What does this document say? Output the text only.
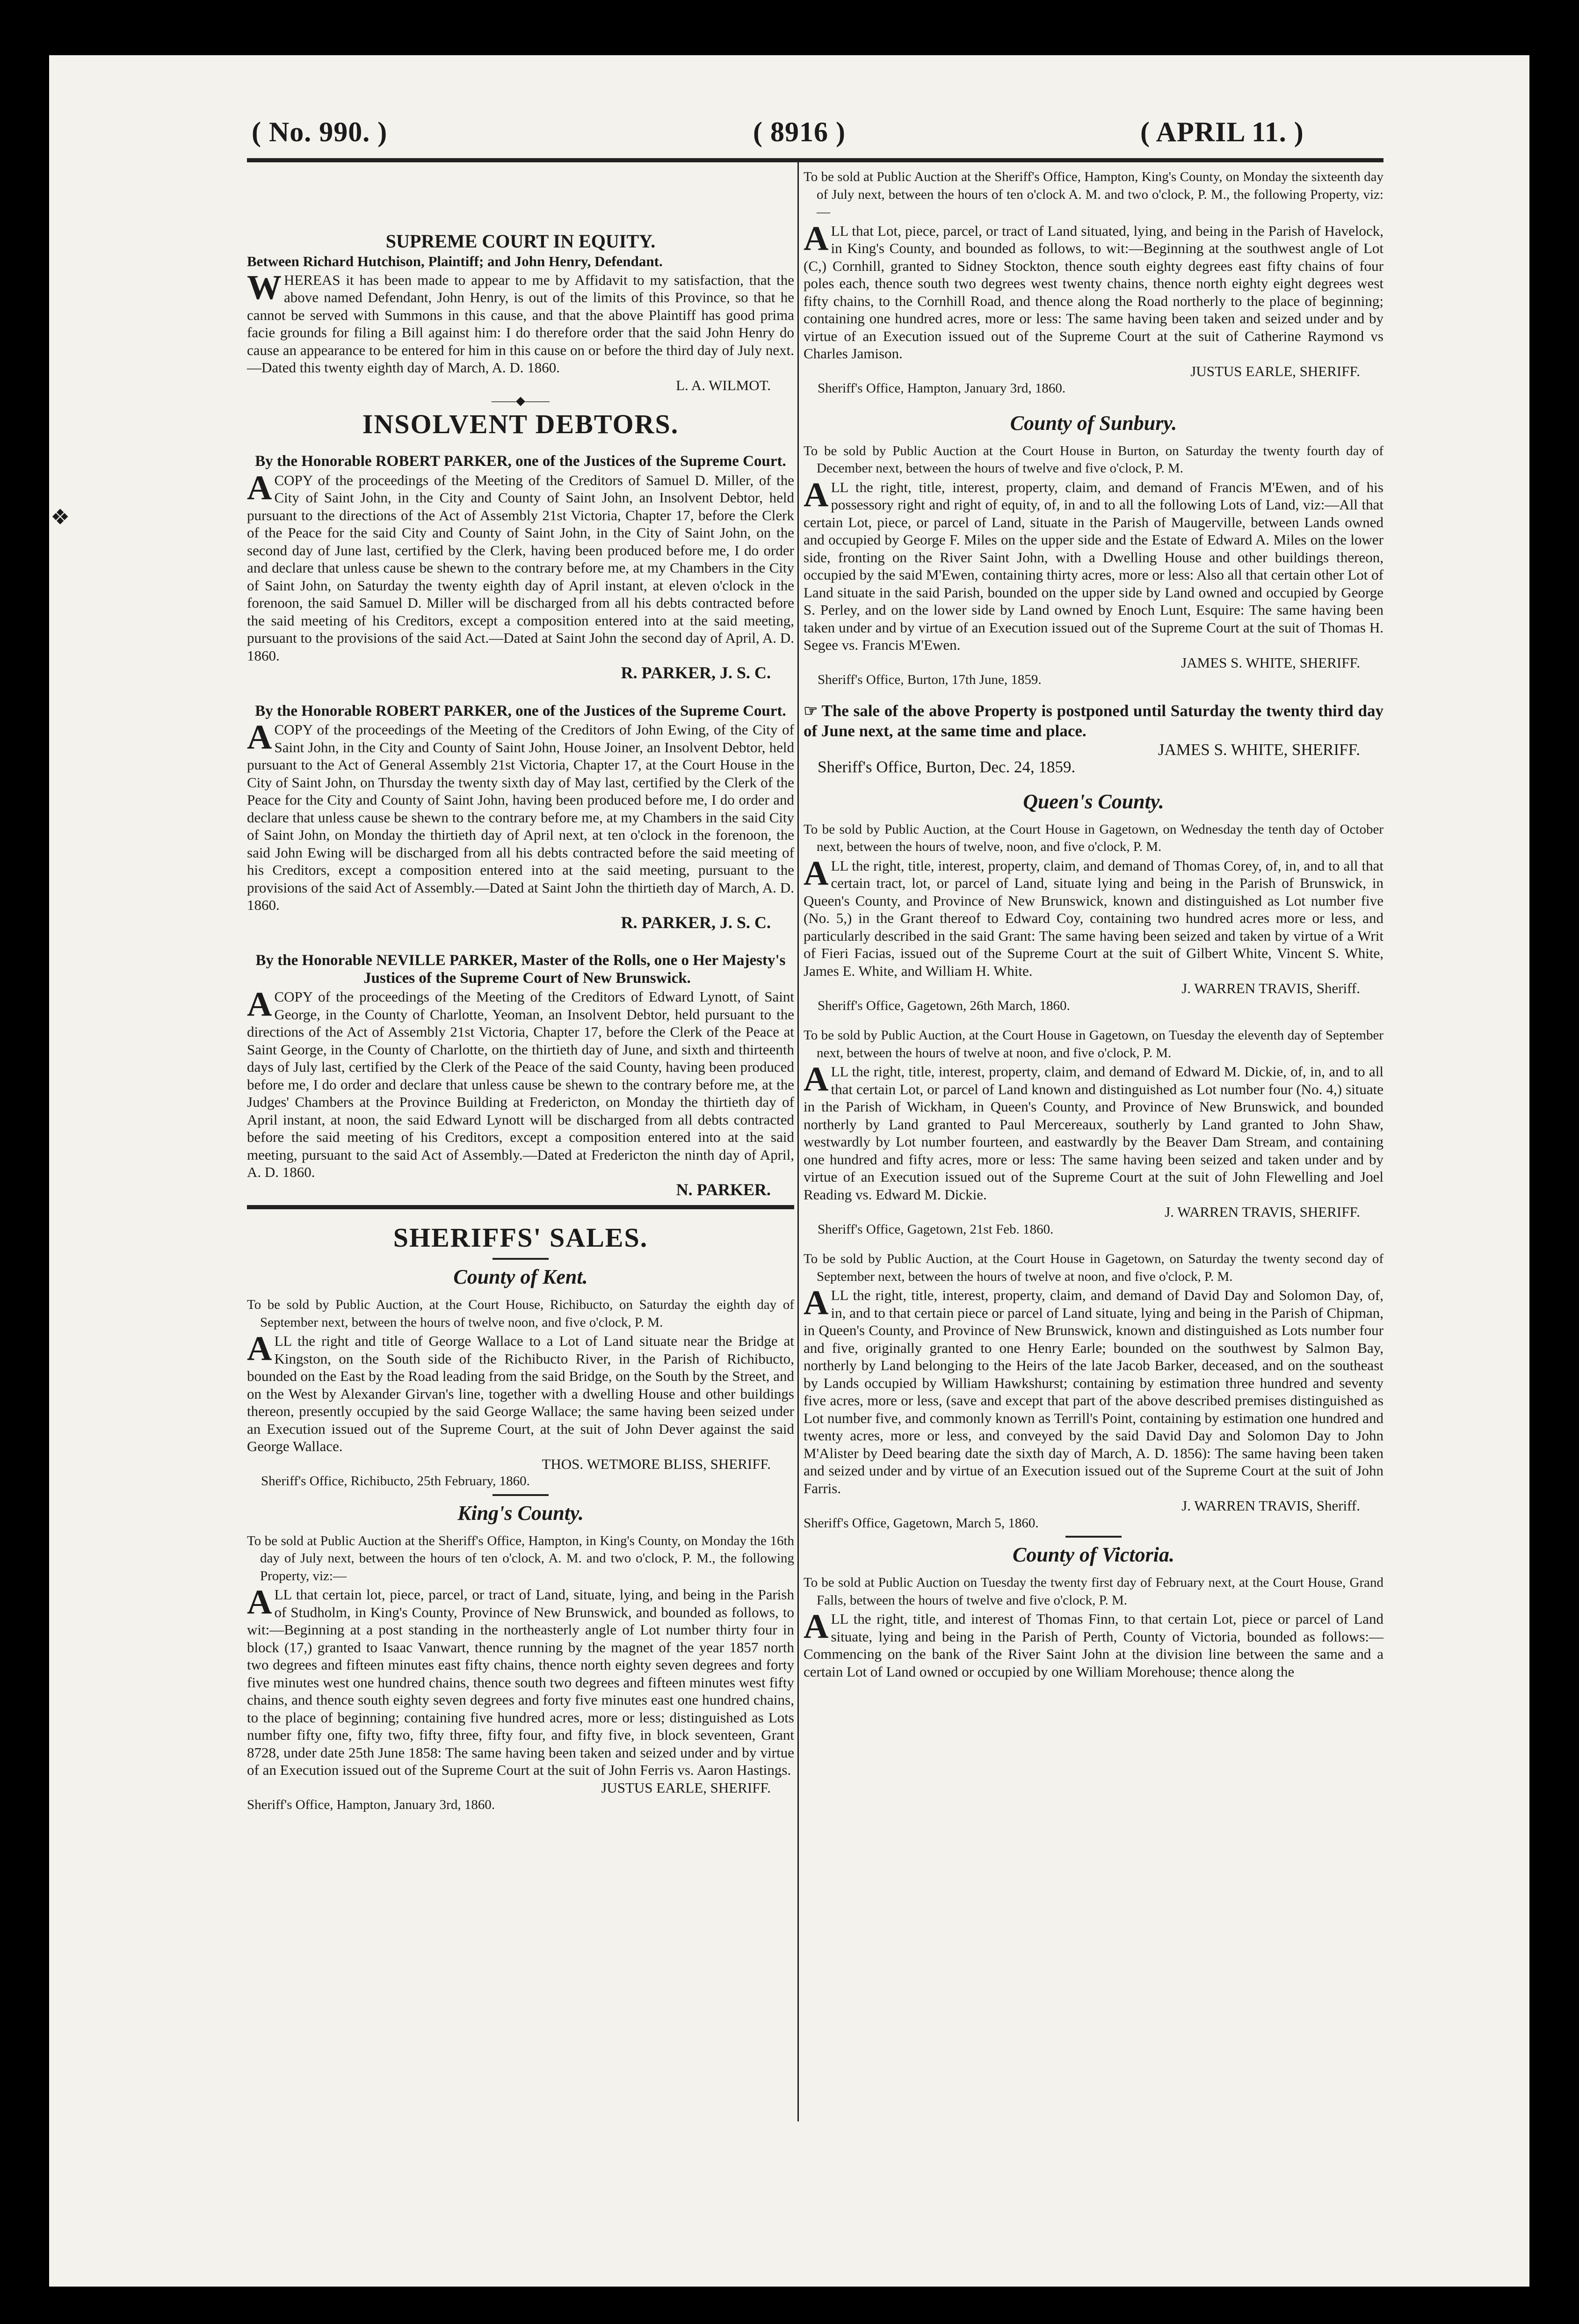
( No. 990. )	( 8916 )	( APRIL 11. )
❖
SUPREME COURT IN EQUITY.

Between Richard Hutchison, Plaintiff; and John Henry, Defendant.

WHEREAS it has been made to appear to me by Affidavit to my satisfaction, that the above named Defendant, John Henry, is out of the limits of this Province, so that he cannot be served with Summons in this cause, and that the above Plaintiff has good prima facie grounds for filing a Bill against him: I do therefore order that the said John Henry do cause an appearance to be entered for him in this cause on or before the third day of July next.—Dated this twenty eighth day of March, A. D. 1860.

L. A. WILMOT.
——◆——
INSOLVENT DEBTORS.

By the Honorable ROBERT PARKER, one of the Justices of the Supreme Court.

ACOPY of the proceedings of the Meeting of the Creditors of Samuel D. Miller, of the City of Saint John, in the City and County of Saint John, an Insolvent Debtor, held pursuant to the directions of the Act of Assembly 21st Victoria, Chapter 17, before the Clerk of the Peace for the said City and County of Saint John, in the City of Saint John, on the second day of June last, certified by the Clerk, having been produced before me, I do order and declare that unless cause be shewn to the contrary before me, at my Chambers in the City of Saint John, on Saturday the twenty eighth day of April instant, at eleven o'clock in the forenoon, the said Samuel D. Miller will be discharged from all his debts contracted before the said meeting of his Creditors, except a composition entered into at the said meeting, pursuant to the provisions of the said Act.—Dated at Saint John the second day of April, A. D. 1860.

R. PARKER, J. S. C.

By the Honorable ROBERT PARKER, one of the Justices of the Supreme Court.

ACOPY of the proceedings of the Meeting of the Creditors of John Ewing, of the City of Saint John, in the City and County of Saint John, House Joiner, an Insolvent Debtor, held pursuant to the Act of General Assembly 21st Victoria, Chapter 17, at the Court House in the City of Saint John, on Thursday the twenty sixth day of May last, certified by the Clerk of the Peace for the City and County of Saint John, having been produced before me, I do order and declare that unless cause be shewn to the contrary before me, at my Chambers in the said City of Saint John, on Monday the thirtieth day of April next, at ten o'clock in the forenoon, the said John Ewing will be discharged from all his debts contracted before the said meeting of his Creditors, except a composition entered into at the said meeting, pursuant to the provisions of the said Act of Assembly.—Dated at Saint John the thirtieth day of March, A. D. 1860.

R. PARKER, J. S. C.

By the Honorable NEVILLE PARKER, Master of the Rolls, one o Her Majesty's Justices of the Supreme Court of New Brunswick.

ACOPY of the proceedings of the Meeting of the Creditors of Edward Lynott, of Saint George, in the County of Charlotte, Yeoman, an Insolvent Debtor, held pursuant to the directions of the Act of Assembly 21st Victoria, Chapter 17, before the Clerk of the Peace at Saint George, in the County of Charlotte, on the thirtieth day of June, and sixth and thirteenth days of July last, certified by the Clerk of the Peace of the said County, having been produced before me, I do order and declare that unless cause be shewn to the contrary before me, at the Judges' Chambers at the Province Building at Fredericton, on Monday the thirtieth day of April instant, at noon, the said Edward Lynott will be discharged from all debts contracted before the said meeting of his Creditors, except a composition entered into at the said meeting, pursuant to the said Act of Assembly.—Dated at Fredericton the ninth day of April, A. D. 1860.

N. PARKER.
SHERIFFS' SALES.
County of Kent.

To be sold by Public Auction, at the Court House, Richibucto, on Saturday the eighth day of September next, between the hours of twelve noon, and five o'clock, P. M.

ALL the right and title of George Wallace to a Lot of Land situate near the Bridge at Kingston, on the South side of the Richibucto River, in the Parish of Richibucto, bounded on the East by the Road leading from the said Bridge, on the South by the Street, and on the West by Alexander Girvan's line, together with a dwelling House and other buildings thereon, presently occupied by the said George Wallace; the same having been seized under an Execution issued out of the Supreme Court, at the suit of John Dever against the said George Wallace.

THOS. WETMORE BLISS, SHERIFF.

Sheriff's Office, Richibucto, 25th February, 1860.

King's County.

To be sold at Public Auction at the Sheriff's Office, Hampton, in King's County, on Monday the 16th day of July next, between the hours of ten o'clock, A. M. and two o'clock, P. M., the following Property, viz:—

ALL that certain lot, piece, parcel, or tract of Land, situate, lying, and being in the Parish of Studholm, in King's County, Province of New Brunswick, and bounded as follows, to wit:—Beginning at a post standing in the northeasterly angle of Lot number thirty four in block (17,) granted to Isaac Vanwart, thence running by the magnet of the year 1857 north two degrees and fifteen minutes east fifty chains, thence north eighty seven degrees and forty five minutes west one hundred chains, thence south two degrees and fifteen minutes west fifty chains, and thence south eighty seven degrees and forty five minutes east one hundred chains, to the place of beginning; containing five hundred acres, more or less; distinguished as Lots number fifty one, fifty two, fifty three, fifty four, and fifty five, in block seventeen, Grant 8728, under date 25th June 1858: The same having been taken and seized under and by virtue of an Execution issued out of the Supreme Court at the suit of John Ferris vs. Aaron Hastings.

JUSTUS EARLE, SHERIFF.

Sheriff's Office, Hampton, January 3rd, 1860.

To be sold at Public Auction at the Sheriff's Office, Hampton, King's County, on Monday the sixteenth day of July next, between the hours of ten o'clock A. M. and two o'clock, P. M., the following Property, viz:—

ALL that Lot, piece, parcel, or tract of Land situated, lying, and being in the Parish of Havelock, in King's County, and bounded as follows, to wit:—Beginning at the southwest angle of Lot (C,) Cornhill, granted to Sidney Stockton, thence south eighty degrees east fifty chains of four poles each, thence south two degrees west twenty chains, thence north eighty eight degrees west fifty chains, to the Cornhill Road, and thence along the Road northerly to the place of beginning; containing one hundred acres, more or less: The same having been taken and seized under and by virtue of an Execution issued out of the Supreme Court at the suit of Catherine Raymond vs Charles Jamison.

JUSTUS EARLE, SHERIFF.

Sheriff's Office, Hampton, January 3rd, 1860.

County of Sunbury.

To be sold by Public Auction at the Court House in Burton, on Saturday the twenty fourth day of December next, between the hours of twelve and five o'clock, P. M.

ALL the right, title, interest, property, claim, and demand of Francis M'Ewen, and of his possessory right and right of equity, of, in and to all the following Lots of Land, viz:—All that certain Lot, piece, or parcel of Land, situate in the Parish of Maugerville, between Lands owned and occupied by George F. Miles on the upper side and the Estate of Edward A. Miles on the lower side, fronting on the River Saint John, with a Dwelling House and other buildings thereon, occupied by the said M'Ewen, containing thirty acres, more or less: Also all that certain other Lot of Land situate in the said Parish, bounded on the upper side by Land owned and occupied by George S. Perley, and on the lower side by Land owned by Enoch Lunt, Esquire: The same having been taken under and by virtue of an Execution issued out of the Supreme Court at the suit of Thomas H. Segee vs. Francis M'Ewen.

JAMES S. WHITE, SHERIFF.

Sheriff's Office, Burton, 17th June, 1859.

☞ The sale of the above Property is postponed until Saturday the twenty third day of June next, at the same time and place.

JAMES S. WHITE, SHERIFF.

Sheriff's Office, Burton, Dec. 24, 1859.

Queen's County.

To be sold by Public Auction, at the Court House in Gagetown, on Wednesday the tenth day of October next, between the hours of twelve, noon, and five o'clock, P. M.

ALL the right, title, interest, property, claim, and demand of Thomas Corey, of, in, and to all that certain tract, lot, or parcel of Land, situate lying and being in the Parish of Brunswick, in Queen's County, and Province of New Brunswick, known and distinguished as Lot number five (No. 5,) in the Grant thereof to Edward Coy, containing two hundred acres more or less, and particularly described in the said Grant: The same having been seized and taken by virtue of a Writ of Fieri Facias, issued out of the Supreme Court at the suit of Gilbert White, Vincent S. White, James E. White, and William H. White.

J. WARREN TRAVIS, Sheriff.

Sheriff's Office, Gagetown, 26th March, 1860.

To be sold by Public Auction, at the Court House in Gagetown, on Tuesday the eleventh day of September next, between the hours of twelve at noon, and five o'clock, P. M.

ALL the right, title, interest, property, claim, and demand of Edward M. Dickie, of, in, and to all that certain Lot, or parcel of Land known and distinguished as Lot number four (No. 4,) situate in the Parish of Wickham, in Queen's County, and Province of New Brunswick, and bounded northerly by Land granted to Paul Mercereaux, southerly by Land granted to John Shaw, westwardly by Lot number fourteen, and eastwardly by the Beaver Dam Stream, and containing one hundred and fifty acres, more or less: The same having been seized and taken under and by virtue of an Execution issued out of the Supreme Court at the suit of John Flewelling and Joel Reading vs. Edward M. Dickie.

J. WARREN TRAVIS, SHERIFF.

Sheriff's Office, Gagetown, 21st Feb. 1860.

To be sold by Public Auction, at the Court House in Gagetown, on Saturday the twenty second day of September next, between the hours of twelve at noon, and five o'clock, P. M.

ALL the right, title, interest, property, claim, and demand of David Day and Solomon Day, of, in, and to that certain piece or parcel of Land situate, lying and being in the Parish of Chipman, in Queen's County, and Province of New Brunswick, known and distinguished as Lots number four and five, originally granted to one Henry Earle; bounded on the southwest by Salmon Bay, northerly by Land belonging to the Heirs of the late Jacob Barker, deceased, and on the southeast by Lands occupied by William Hawkshurst; containing by estimation three hundred and seventy five acres, more or less, (save and except that part of the above described premises distinguished as Lot number five, and commonly known as Terrill's Point, containing by estimation one hundred and twenty acres, more or less, and conveyed by the said David Day and Solomon Day to John M'Alister by Deed bearing date the sixth day of March, A. D. 1856): The same having been taken and seized under and by virtue of an Execution issued out of the Supreme Court at the suit of John Farris.

J. WARREN TRAVIS, Sheriff.

Sheriff's Office, Gagetown, March 5, 1860.

County of Victoria.

To be sold at Public Auction on Tuesday the twenty first day of February next, at the Court House, Grand Falls, between the hours of twelve and five o'clock, P. M.

ALL the right, title, and interest of Thomas Finn, to that certain Lot, piece or parcel of Land situate, lying and being in the Parish of Perth, County of Victoria, bounded as follows:—Commencing on the bank of the River Saint John at the division line between the same and a certain Lot of Land owned or occupied by one William Morehouse; thence along the
